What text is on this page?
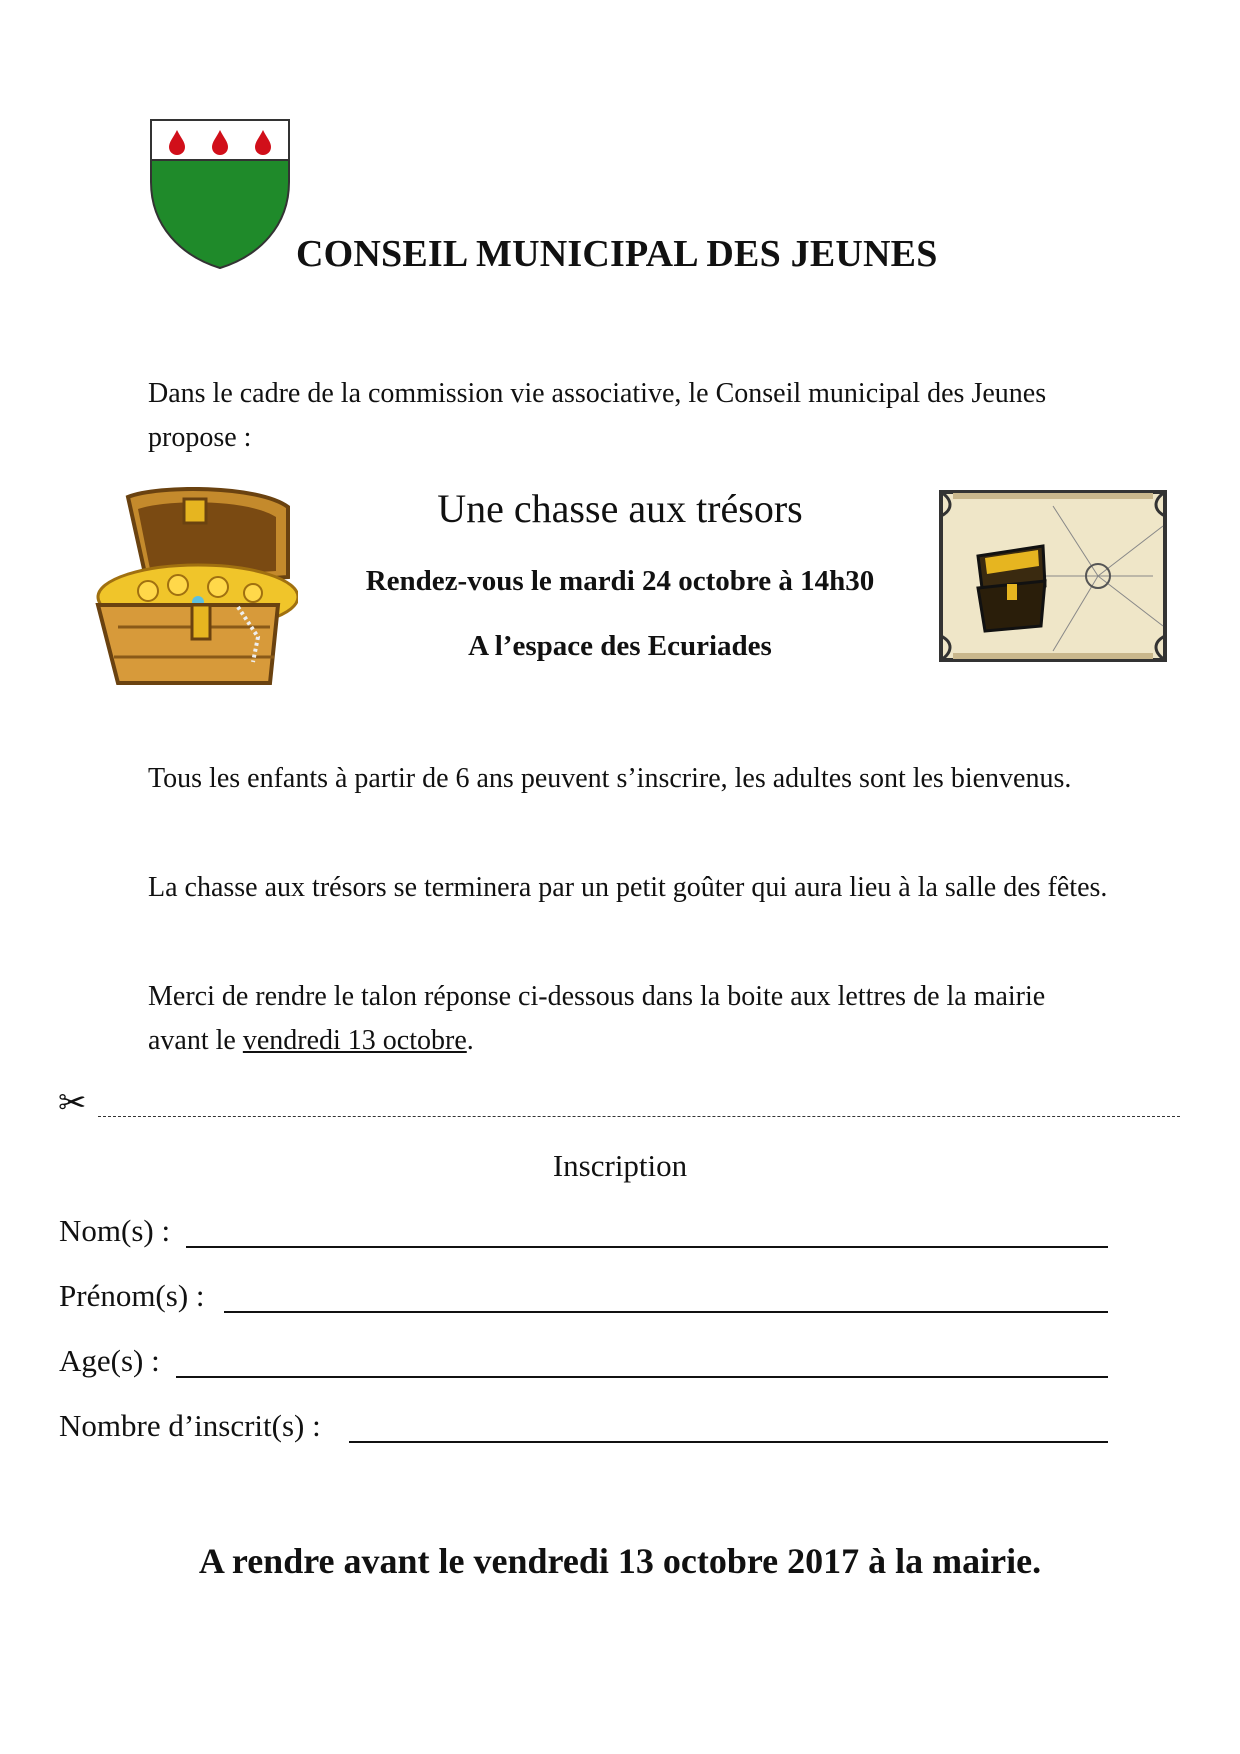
CONSEIL MUNICIPAL DES JEUNES
Dans le cadre de la commission vie associative, le Conseil municipal des Jeunes propose :
Une chasse aux trésors
Rendez-vous le mardi 24 octobre à 14h30
A l’espace des Ecuriades
Tous les enfants à partir de 6 ans peuvent s’inscrire, les adultes sont les bienvenus.
La chasse aux trésors se terminera par un petit goûter qui aura lieu à la salle des fêtes.
Merci de rendre le talon réponse ci-dessous dans la boite aux lettres de la mairie avant le vendredi 13 octobre.
✂
Inscription
Nom(s) :
Prénom(s) :
Age(s) :
Nombre d’inscrit(s) :
A rendre avant le vendredi 13 octobre 2017 à la mairie.
